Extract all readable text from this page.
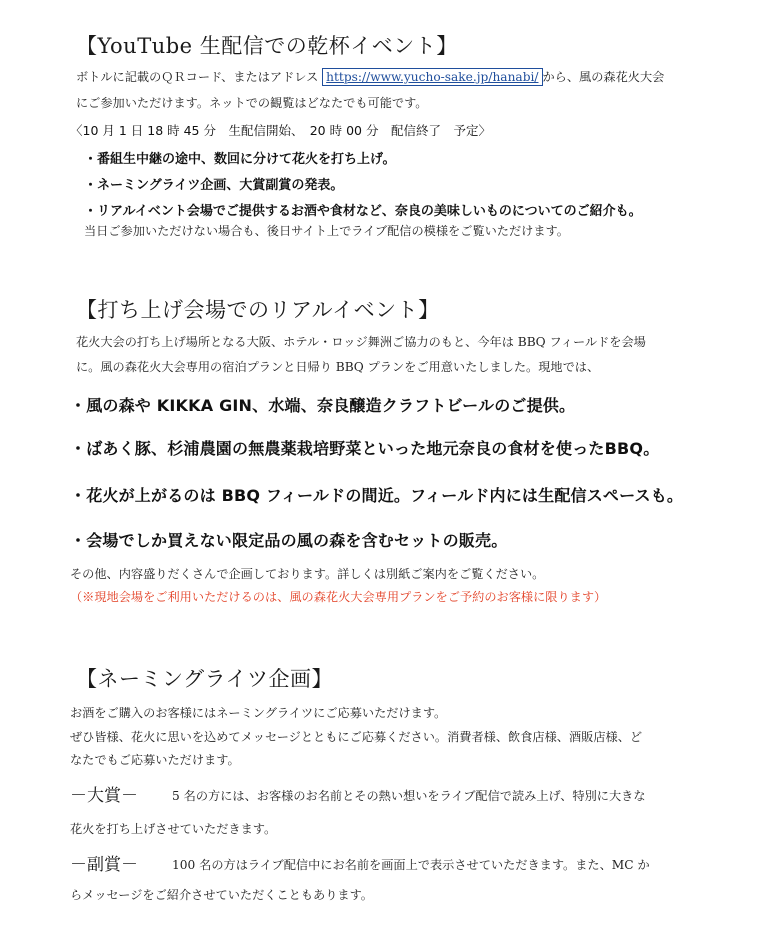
【YouTube 生配信での乾杯イベント】
ボトルに記載のＱＲコード、またはアドレス https://www.yucho-sake.jp/hanabi/ から、風の森花火大会
にご参加いただけます。ネットでの観覧はどなたでも可能です。
〈10 月 1 日 18 時 45 分　生配信開始、　20 時 00 分　配信終了　予定〉
・番組生中継の途中、数回に分けて花火を打ち上げ。
・ネーミングライツ企画、大賞副賞の発表。
・リアルイベント会場でご提供するお酒や食材など、奈良の美味しいものについてのご紹介も。
当日ご参加いただけない場合も、後日サイト上でライブ配信の模様をご覧いただけます。
【打ち上げ会場でのリアルイベント】
花火大会の打ち上げ場所となる大阪、ホテル・ロッジ舞洲ご協力のもと、今年は BBQ フィールドを会場
に。風の森花火大会専用の宿泊プランと日帰り BBQ プランをご用意いたしました。現地では、
・風の森や KIKKA GIN、水端、奈良醸造クラフトビールのご提供。
・ばあく豚、杉浦農園の無農薬栽培野菜といった地元奈良の食材を使ったBBQ。
・花火が上がるのは BBQ フィールドの間近。フィールド内には生配信スペースも。
・会場でしか買えない限定品の風の森を含むセットの販売。
その他、内容盛りだくさんで企画しております。詳しくは別紙ご案内をご覧ください。
（※現地会場をご利用いただけるのは、風の森花火大会専用プランをご予約のお客様に限ります）
【ネーミングライツ企画】
お酒をご購入のお客様にはネーミングライツにご応募いただけます。
ぜひ皆様、花火に思いを込めてメッセージとともにご応募ください。消費者様、飲食店様、酒販店様、ど
なたでもご応募いただけます。
－大賞－	5 名の方には、お客様のお名前とその熱い想いをライブ配信で読み上げ、特別に大きな
花火を打ち上げさせていただきます。
－副賞－	100 名の方はライブ配信中にお名前を画面上で表示させていただきます。また、MC か
らメッセージをご紹介させていただくこともあります。
